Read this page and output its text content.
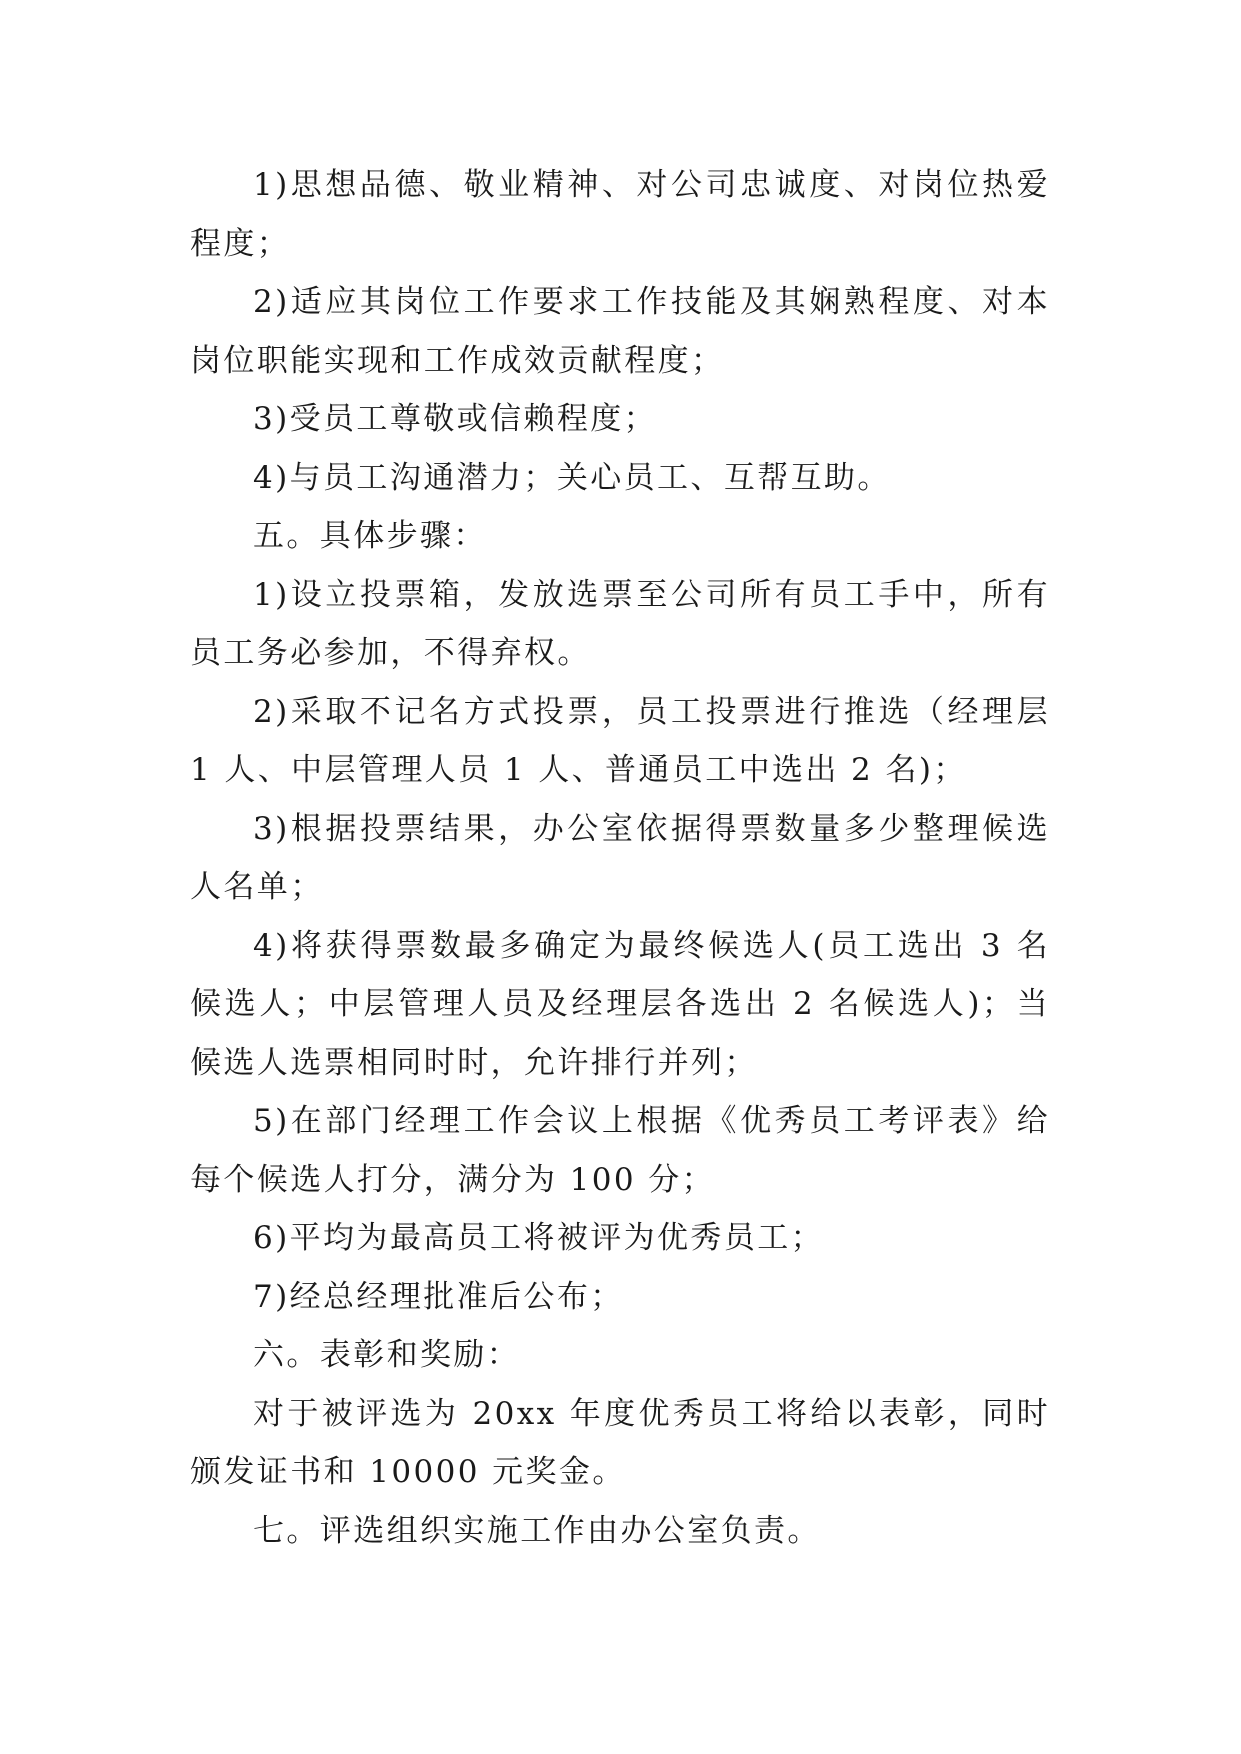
1)思想品德、敬业精神、对公司忠诚度、对岗位热爱程度；

2)适应其岗位工作要求工作技能及其娴熟程度、对本岗位职能实现和工作成效贡献程度；

3)受员工尊敬或信赖程度；

4)与员工沟通潜力；关心员工、互帮互助。

五。具体步骤：

1)设立投票箱，发放选票至公司所有员工手中，所有员工务必参加，不得弃权。

2)采取不记名方式投票，员工投票进行推选（经理层 1 人、中层管理人员 1 人、普通员工中选出 2 名)；

3)根据投票结果，办公室依据得票数量多少整理候选人名单；

4)将获得票数最多确定为最终候选人(员工选出 3 名候选人；中层管理人员及经理层各选出 2 名候选人)；当候选人选票相同时时，允许排行并列；

5)在部门经理工作会议上根据《优秀员工考评表》给每个候选人打分，满分为 100 分；

6)平均为最高员工将被评为优秀员工；

7)经总经理批准后公布；

六。表彰和奖励：

对于被评选为 20xx 年度优秀员工将给以表彰，同时颁发证书和 10000 元奖金。

七。评选组织实施工作由办公室负责。
